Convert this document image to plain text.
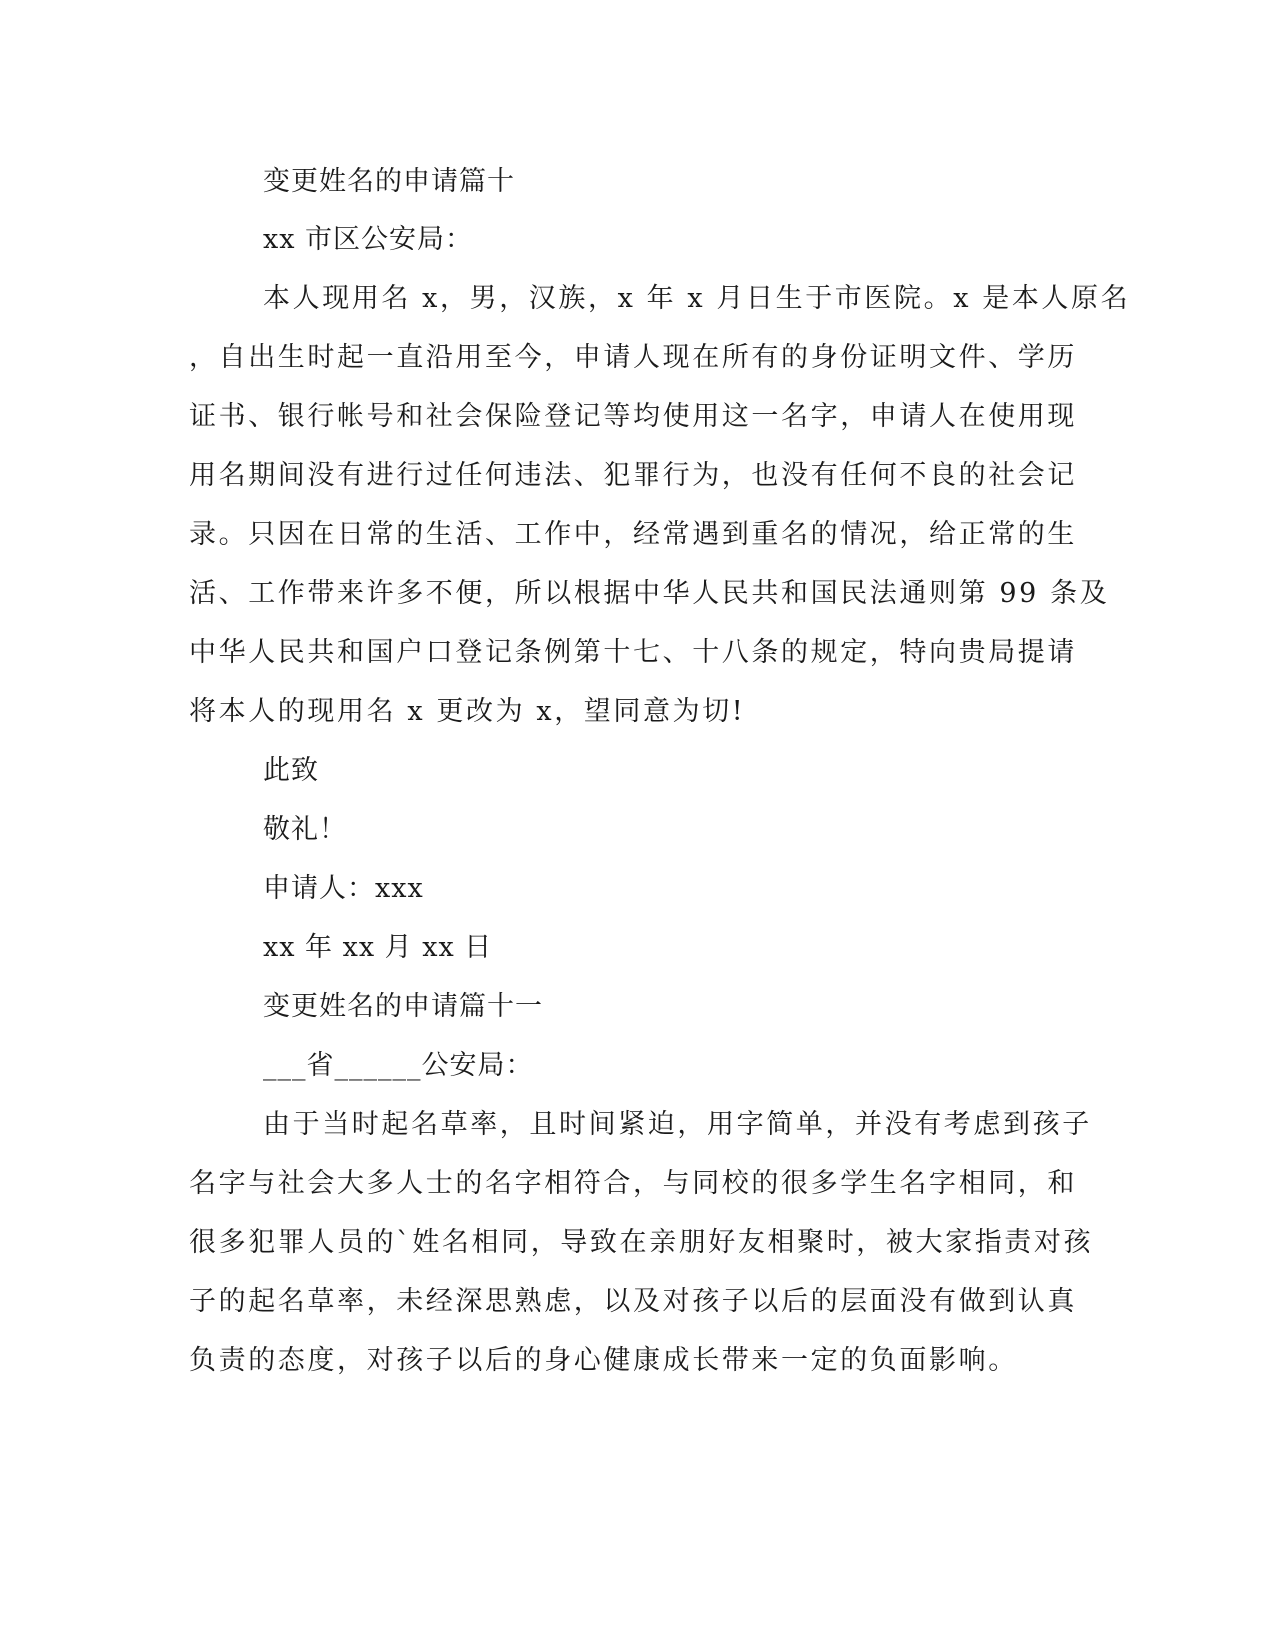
变更姓名的申请篇十
xx 市区公安局：
本人现用名 x，男，汉族，x 年 x 月日生于市医院。x 是本人原名
，自出生时起一直沿用至今，申请人现在所有的身份证明文件、学历
证书、银行帐号和社会保险登记等均使用这一名字，申请人在使用现
用名期间没有进行过任何违法、犯罪行为，也没有任何不良的社会记
录。只因在日常的生活、工作中，经常遇到重名的情况，给正常的生
活、工作带来许多不便，所以根据中华人民共和国民法通则第 99 条及
中华人民共和国户口登记条例第十七、十八条的规定，特向贵局提请
将本人的现用名 x 更改为 x，望同意为切!
此致
敬礼！
申请人：xxx
xx 年 xx 月 xx 日
变更姓名的申请篇十一
___省______公安局：
由于当时起名草率，且时间紧迫，用字简单，并没有考虑到孩子
名字与社会大多人士的名字相符合，与同校的很多学生名字相同，和
很多犯罪人员的`姓名相同，导致在亲朋好友相聚时，被大家指责对孩
子的起名草率，未经深思熟虑，以及对孩子以后的层面没有做到认真
负责的态度，对孩子以后的身心健康成长带来一定的负面影响。
